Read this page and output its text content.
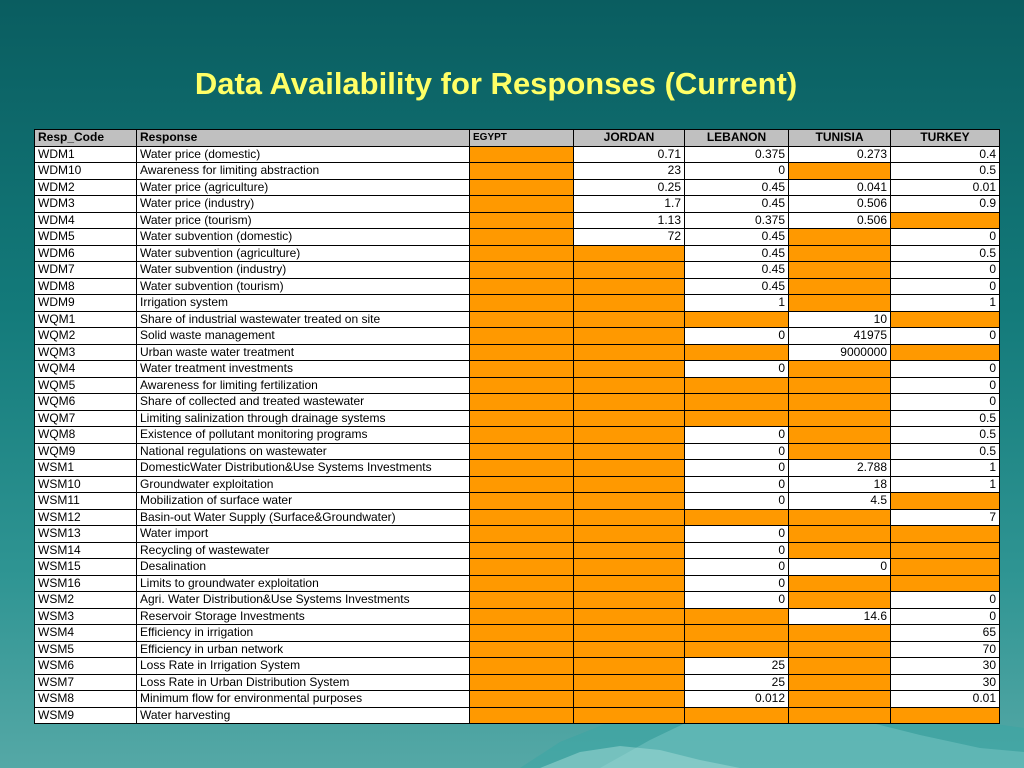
Data Availability for Responses (Current)
Resp_Code	Response	EGYPT	JORDAN	LEBANON	TUNISIA	TURKEY
WDM1	Water price (domestic)		0.71	0.375	0.273	0.4
WDM10	Awareness for limiting abstraction		23	0		0.5
WDM2	Water price (agriculture)		0.25	0.45	0.041	0.01
WDM3	Water price (industry)		1.7	0.45	0.506	0.9
WDM4	Water price (tourism)		1.13	0.375	0.506	
WDM5	Water subvention (domestic)		72	0.45		0
WDM6	Water subvention (agriculture)			0.45		0.5
WDM7	Water subvention (industry)			0.45		0
WDM8	Water subvention (tourism)			0.45		0
WDM9	Irrigation system			1		1
WQM1	Share of industrial wastewater treated on site				10	
WQM2	Solid waste management			0	41975	0
WQM3	Urban waste water treatment				9000000	
WQM4	Water treatment investments			0		0
WQM5	Awareness for limiting fertilization					0
WQM6	Share of collected and treated wastewater					0
WQM7	Limiting salinization through drainage systems					0.5
WQM8	Existence of pollutant monitoring programs			0		0.5
WQM9	National regulations on wastewater			0		0.5
WSM1	DomesticWater Distribution&Use Systems Investments			0	2.788	1
WSM10	Groundwater exploitation			0	18	1
WSM11	Mobilization of surface water			0	4.5	
WSM12	Basin-out Water Supply (Surface&Groundwater)					7
WSM13	Water import			0		
WSM14	Recycling of wastewater			0		
WSM15	Desalination			0	0	
WSM16	Limits to groundwater exploitation			0		
WSM2	Agri. Water Distribution&Use Systems Investments			0		0
WSM3	Reservoir Storage Investments				14.6	0
WSM4	Efficiency in irrigation					65
WSM5	Efficiency in urban network					70
WSM6	Loss Rate in Irrigation System			25		30
WSM7	Loss Rate in Urban Distribution System			25		30
WSM8	Minimum flow for environmental purposes			0.012		0.01
WSM9	Water harvesting					
